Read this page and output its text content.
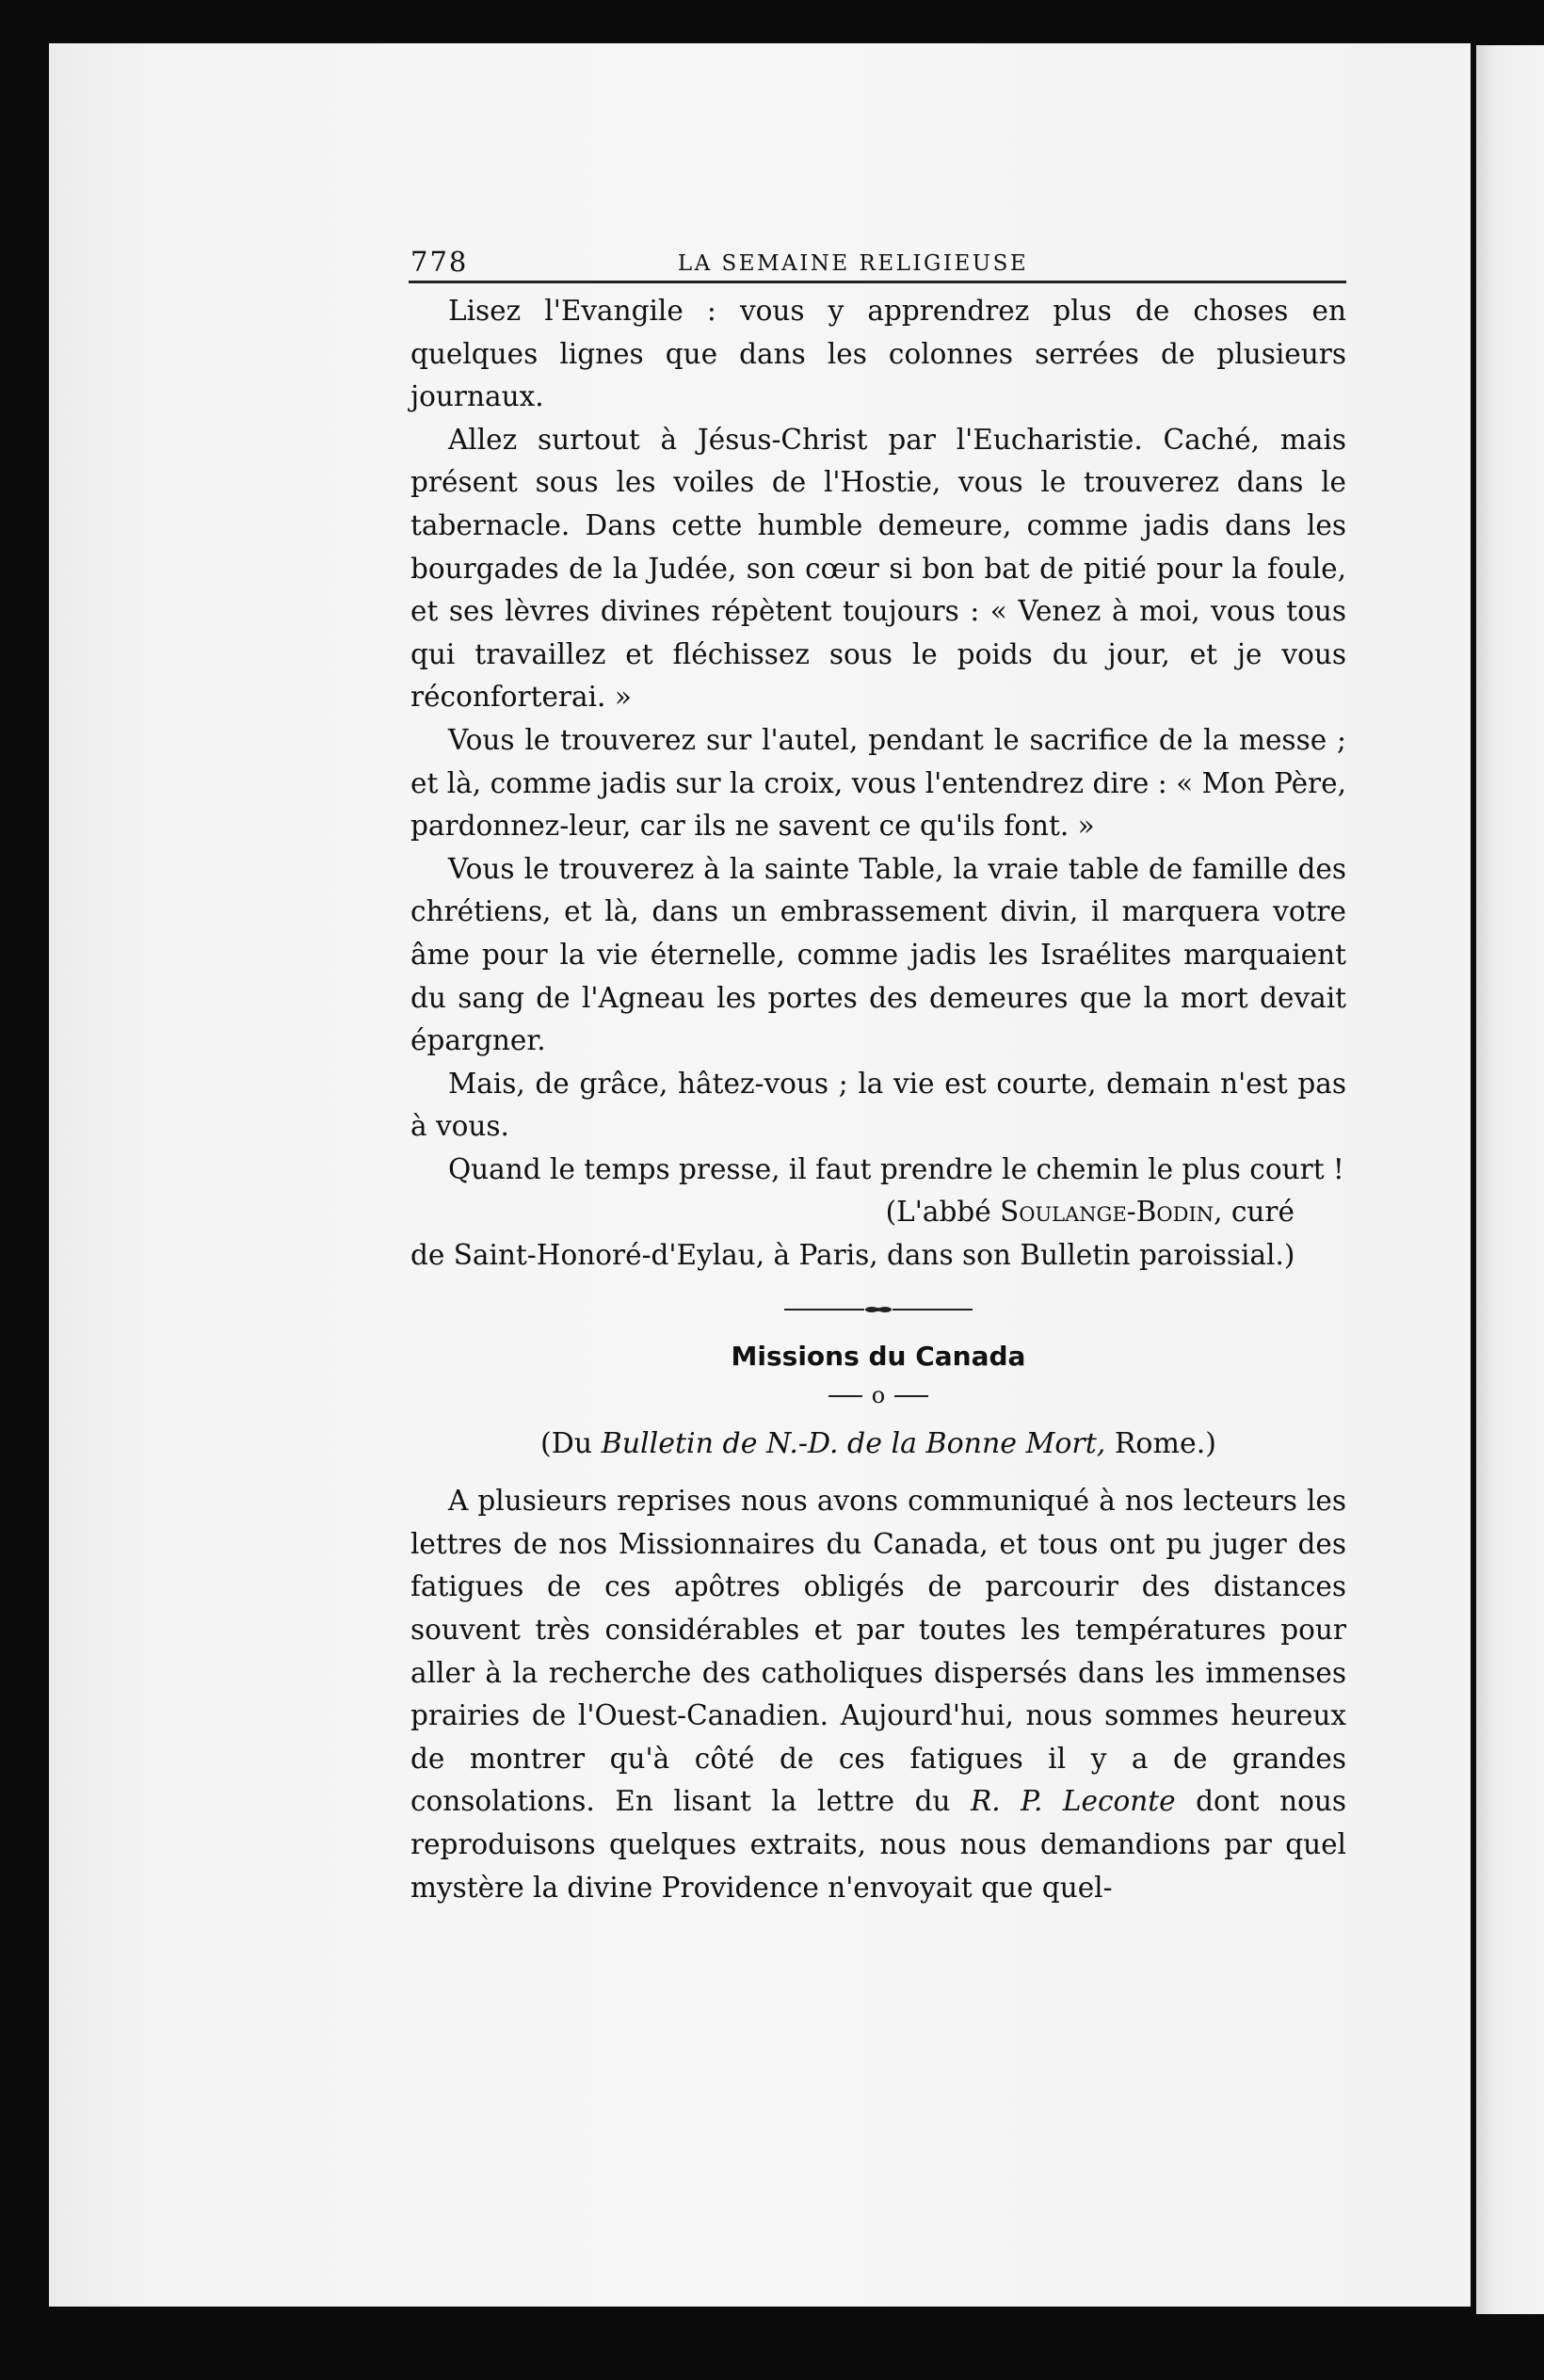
778	LA SEMAINE RELIGIEUSE

Lisez l'Evangile : vous y apprendrez plus de choses en quelques lignes que dans les colonnes serrées de plusieurs journaux.

Allez surtout à Jésus-Christ par l'Eucharistie. Caché, mais présent sous les voiles de l'Hostie, vous le trouverez dans le tabernacle. Dans cette humble demeure, comme jadis dans les bourgades de la Judée, son cœur si bon bat de pitié pour la foule, et ses lèvres divines répètent toujours : « Venez à moi, vous tous qui travaillez et fléchissez sous le poids du jour, et je vous réconforterai. »

Vous le trouverez sur l'autel, pendant le sacrifice de la messe ; et là, comme jadis sur la croix, vous l'entendrez dire : « Mon Père, pardonnez-leur, car ils ne savent ce qu'ils font. »

Vous le trouverez à la sainte Table, la vraie table de famille des chrétiens, et là, dans un embrassement divin, il marquera votre âme pour la vie éternelle, comme jadis les Israélites marquaient du sang de l'Agneau les portes des demeures que la mort devait épargner.

Mais, de grâce, hâtez-vous ; la vie est courte, demain n'est pas à vous.

Quand le temps presse, il faut prendre le chemin le plus court !

(L'abbé Soulange-Bodin, curé

de Saint-Honoré-d'Eylau, à Paris, dans son Bulletin paroissial.)

Missions du Canada
o

(Du Bulletin de N.-D. de la Bonne Mort, Rome.)

A plusieurs reprises nous avons communiqué à nos lecteurs les lettres de nos Missionnaires du Canada, et tous ont pu juger des fatigues de ces apôtres obligés de parcourir des distances souvent très considérables et par toutes les températures pour aller à la recherche des catholiques dispersés dans les immenses prairies de l'Ouest-Canadien. Aujourd'hui, nous sommes heureux de montrer qu'à côté de ces fatigues il y a de grandes consolations. En lisant la lettre du R. P. Leconte dont nous reproduisons quelques extraits, nous nous demandions par quel mystère la divine Providence n'envoyait que quel-
